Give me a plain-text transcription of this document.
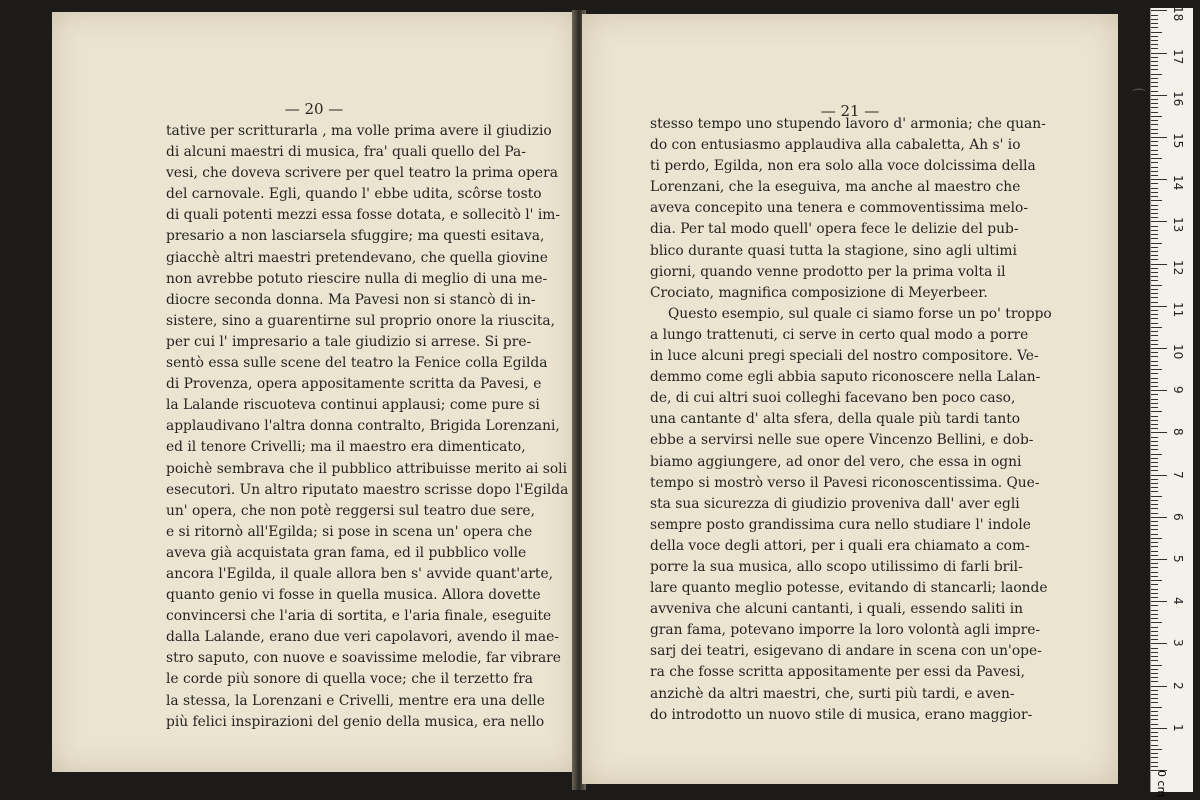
— 20 —
tative per scritturarla , ma volle prima avere il giudizio
di alcuni maestri di musica, fra' quali quello del Pa-
vesi, che doveva scrivere per quel teatro la prima opera
del carnovale. Egli, quando l' ebbe udita, scôrse tosto
di quali potenti mezzi essa fosse dotata, e sollecitò l' im-
presario a non lasciarsela sfuggire; ma questi esitava,
giacchè altri maestri pretendevano, che quella giovine
non avrebbe potuto riescire nulla di meglio di una me-
diocre seconda donna. Ma Pavesi non si stancò di in-
sistere, sino a guarentirne sul proprio onore la riuscita,
per cui l' impresario a tale giudizio si arrese. Si pre-
sentò essa sulle scene del teatro la Fenice colla Egilda
di Provenza, opera appositamente scritta da Pavesi, e
la Lalande riscuoteva continui applausi; come pure si
applaudivano l'altra donna contralto, Brigida Lorenzani,
ed il tenore Crivelli; ma il maestro era dimenticato,
poichè sembrava che il pubblico attribuisse merito ai soli
esecutori. Un altro riputato maestro scrisse dopo l'Egilda
un' opera, che non potè reggersi sul teatro due sere,
e si ritornò all'Egilda; si pose in scena un' opera che
aveva già acquistata gran fama, ed il pubblico volle
ancora l'Egilda, il quale allora ben s' avvide quant'arte,
quanto genio vi fosse in quella musica. Allora dovette
convincersi che l'aria di sortita, e l'aria finale, eseguite
dalla Lalande, erano due veri capolavori, avendo il mae-
stro saputo, con nuove e soavissime melodie, far vibrare
le corde più sonore di quella voce; che il terzetto fra
la stessa, la Lorenzani e Crivelli, mentre era una delle
più felici inspirazioni del genio della musica, era nello
— 21 —
stesso tempo uno stupendo lavoro d' armonia; che quan-
do con entusiasmo applaudiva alla cabaletta, Ah s' io
ti perdo, Egilda, non era solo alla voce dolcissima della
Lorenzani, che la eseguiva, ma anche al maestro che
aveva concepito una tenera e commoventissima melo-
dia. Per tal modo quell' opera fece le delizie del pub-
blico durante quasi tutta la stagione, sino agli ultimi
giorni, quando venne prodotto per la prima volta il
Crociato, magnifica composizione di Meyerbeer.
Questo esempio, sul quale ci siamo forse un po' troppo
a lungo trattenuti, ci serve in certo qual modo a porre
in luce alcuni pregi speciali del nostro compositore. Ve-
demmo come egli abbia saputo riconoscere nella Lalan-
de, di cui altri suoi colleghi facevano ben poco caso,
una cantante d' alta sfera, della quale più tardi tanto
ebbe a servirsi nelle sue opere Vincenzo Bellini, e dob-
biamo aggiungere, ad onor del vero, che essa in ogni
tempo si mostrò verso il Pavesi riconoscentissima. Que-
sta sua sicurezza di giudizio proveniva dall' aver egli
sempre posto grandissima cura nello studiare l' indole
della voce degli attori, per i quali era chiamato a com-
porre la sua musica, allo scopo utilissimo di farli bril-
lare quanto meglio potesse, evitando di stancarli; laonde
avveniva che alcuni cantanti, i quali, essendo saliti in
gran fama, potevano imporre la loro volontà agli impre-
sarj dei teatri, esigevano di andare in scena con un'ope-
ra che fosse scritta appositamente per essi da Pavesi,
anzichè da altri maestri, che, surti più tardi, e aven-
do introdotto un nuovo stile di musica, erano maggior-
⌒
1
2
3
4
5
6
7
8
9
10
11
12
13
14
15
16
17
18
0 cm
